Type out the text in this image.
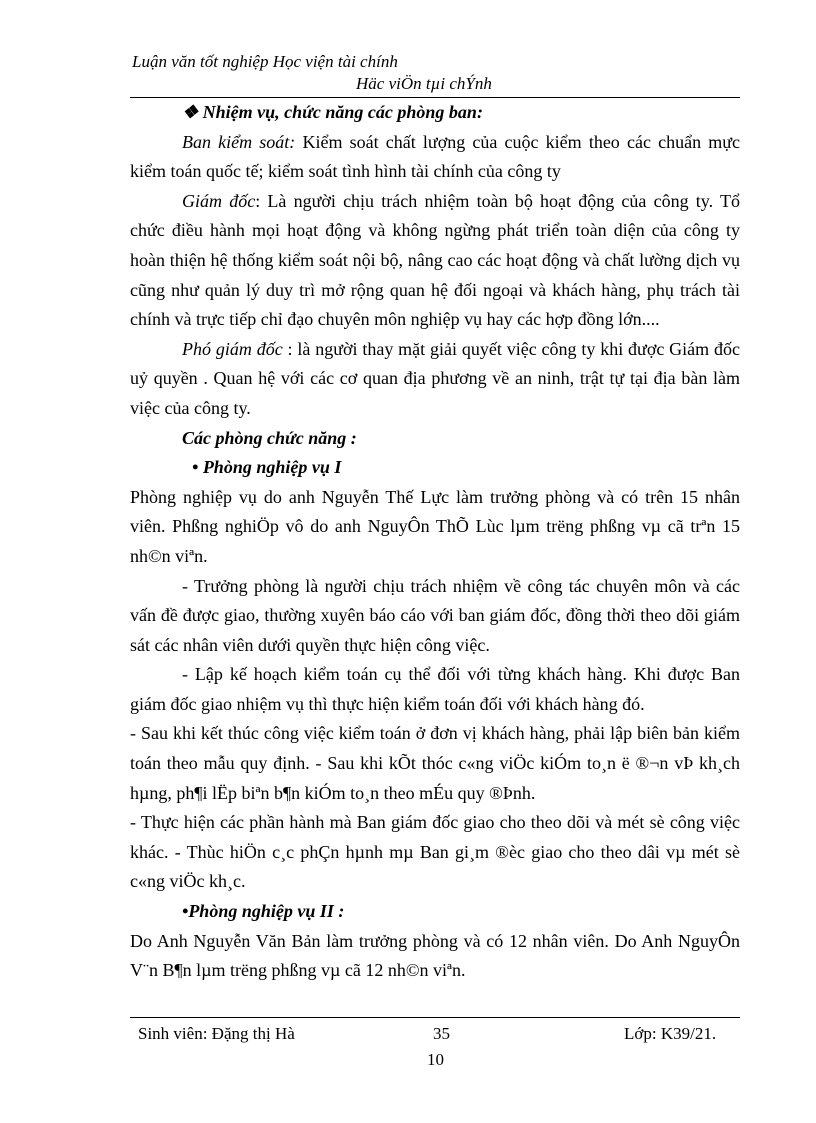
Luận văn tốt nghiệp Học viện tài chính
Häc viÖn tµi chÝnh

❖ Nhiệm vụ, chức năng các phòng ban:

Ban kiểm soát: Kiểm soát chất lượng của cuộc kiểm theo các chuẩn mực kiểm toán quốc tế; kiểm soát tình hình tài chính của công ty

Giám đốc: Là người chịu trách nhiệm toàn bộ hoạt động của công ty. Tổ chức điều hành mọi hoạt động và không ngừng phát triển toàn diện của công ty hoàn thiện hệ thống kiểm soát nội bộ, nâng cao các hoạt động và chất lường dịch vụ cũng như quản lý duy trì mở rộng quan hệ đối ngoại và khách hàng, phụ trách tài chính và trực tiếp chỉ đạo chuyên môn nghiệp vụ hay các hợp đồng lớn....

Phó giám đốc : là người thay mặt giải quyết việc công ty khi được Giám đốc uỷ quyền . Quan hệ với các cơ quan địa phương về an ninh, trật tự tại địa bàn làm việc của công ty.

Các phòng chức năng :

• Phòng nghiệp vụ I

Phòng nghiệp vụ do anh Nguyễn Thế Lực làm trưởng phòng và có trên 15 nhân viên. Phßng nghiÖp vô do anh NguyÔn ThÕ Lùc lµm trëng phßng vµ cã trªn 15 nh©n viªn.

- Trưởng phòng là người chịu trách nhiệm về công tác chuyên môn và các vấn đề được giao, thường xuyên báo cáo với ban giám đốc, đồng thời theo dõi giám sát các nhân viên dưới quyền thực hiện công việc.

- Lập kế hoạch kiểm toán cụ thể đối với từng khách hàng. Khi được Ban giám đốc giao nhiệm vụ thì thực hiện kiểm toán đối với khách hàng đó.

- Sau khi kết thúc công việc kiểm toán ở đơn vị khách hàng, phải lập biên bản kiểm toán theo mẫu quy định. - Sau khi kÕt thóc c«ng viÖc kiÓm to¸n ë ®¬n vÞ kh¸ch hµng, ph¶i lËp biªn b¶n kiÓm to¸n theo mÉu quy ®Þnh.

- Thực hiện các phần hành mà Ban giám đốc giao cho theo dõi và mét sè công việc khác. - Thùc hiÖn c¸c phÇn hµnh mµ Ban gi¸m ®èc giao cho theo dâi vµ mét sè c«ng viÖc kh¸c.

•Phòng nghiệp vụ II :

Do Anh Nguyễn Văn Bản làm trưởng phòng và có 12 nhân viên. Do Anh NguyÔn V¨n B¶n lµm trëng phßng vµ cã 12 nh©n viªn.

Sinh viên: Đặng thị Hà	35	Lớp: K39/21.
10
